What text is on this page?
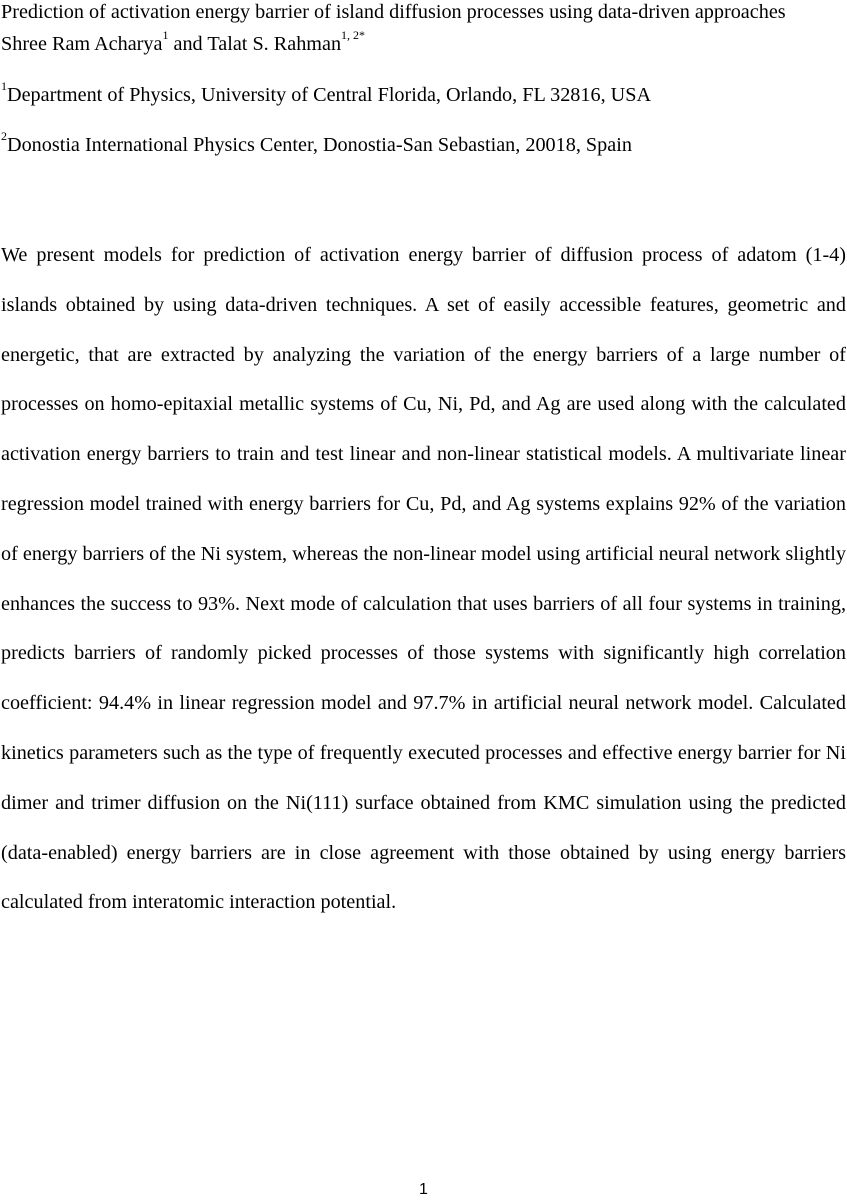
Prediction of activation energy barrier of island diffusion processes using data-driven approaches
Shree Ram Acharya$^1$ and Talat S. Rahman$^{1, 2*}$
$^1$Department of Physics, University of Central Florida, Orlando, FL 32816, USA
$^2$Donostia International Physics Center, Donostia-San Sebastian, 20018, Spain

We present models for prediction of activation energy barrier of diffusion process of adatom (1-4) islands obtained by using data-driven techniques. A set of easily accessible features, geometric and energetic, that are extracted by analyzing the variation of the energy barriers of a large number of processes on homo-epitaxial metallic systems of Cu, Ni, Pd, and Ag are used along with the calculated activation energy barriers to train and test linear and non-linear statistical models. A multivariate linear regression model trained with energy barriers for Cu, Pd, and Ag systems explains 92% of the variation of energy barriers of the Ni system, whereas the non-linear model using artificial neural network slightly enhances the success to 93%. Next mode of calculation that uses barriers of all four systems in training, predicts barriers of randomly picked processes of those systems with significantly high correlation coefficient: 94.4% in linear regression model and 97.7% in artificial neural network model. Calculated kinetics parameters such as the type of frequently executed processes and effective energy barrier for Ni dimer and trimer diffusion on the Ni(111) surface obtained from KMC simulation using the predicted (data-enabled) energy barriers are in close agreement with those obtained by using energy barriers calculated from interatomic interaction potential.

1
